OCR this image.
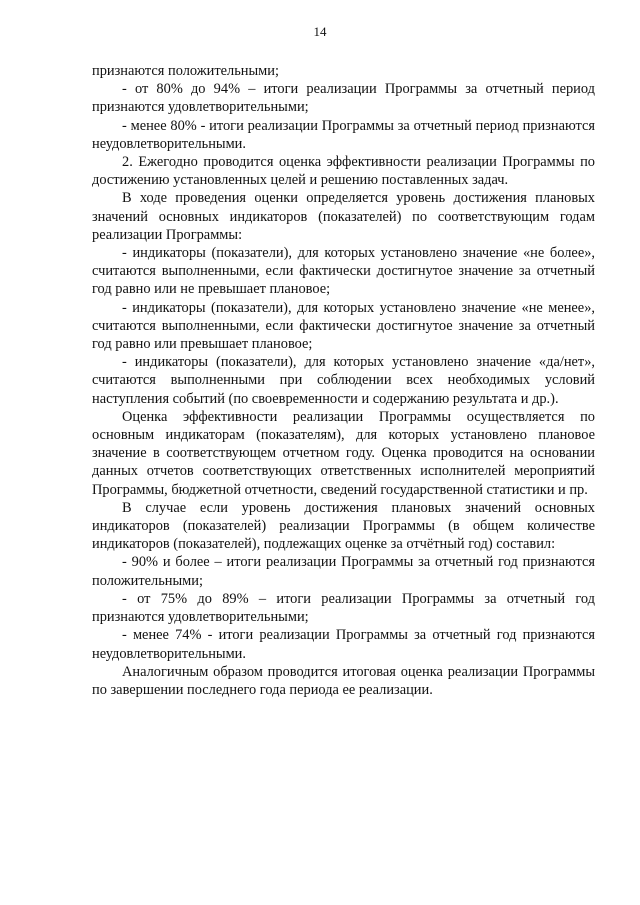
14

признаются положительными;

- от 80% до 94% – итоги реализации Программы за отчетный период признаются удовлетворительными;

- менее 80% - итоги реализации Программы за отчетный период признаются неудовлетворительными.

2. Ежегодно проводится оценка эффективности реализации Программы по достижению установленных целей и решению поставленных задач.

В ходе проведения оценки определяется уровень достижения плановых значений основных индикаторов (показателей) по соответствующим годам реализации Программы:

- индикаторы (показатели), для которых установлено значение «не более», считаются выполненными, если фактически достигнутое значение за отчетный год равно или не превышает плановое;

- индикаторы (показатели), для которых установлено значение «не менее», считаются выполненными, если фактически достигнутое значение за отчетный год равно или превышает плановое;

- индикаторы (показатели), для которых установлено значение «да/нет», считаются выполненными при соблюдении всех необходимых условий наступления событий (по своевременности и содержанию результата и др.).

Оценка эффективности реализации Программы осуществляется по основным индикаторам (показателям), для которых установлено плановое значение в соответствующем отчетном году. Оценка проводится на основании данных отчетов соответствующих ответственных исполнителей мероприятий Программы, бюджетной отчетности, сведений государственной статистики и пр.

В случае если уровень достижения плановых значений основных индикаторов (показателей) реализации Программы (в общем количестве индикаторов (показателей), подлежащих оценке за отчётный год) составил:

- 90% и более – итоги реализации Программы за отчетный год признаются положительными;

- от 75% до 89% – итоги реализации Программы за отчетный год признаются удовлетворительными;

- менее 74% - итоги реализации Программы за отчетный год признаются неудовлетворительными.

Аналогичным образом проводится итоговая оценка реализации Программы по завершении последнего года периода ее реализации.
